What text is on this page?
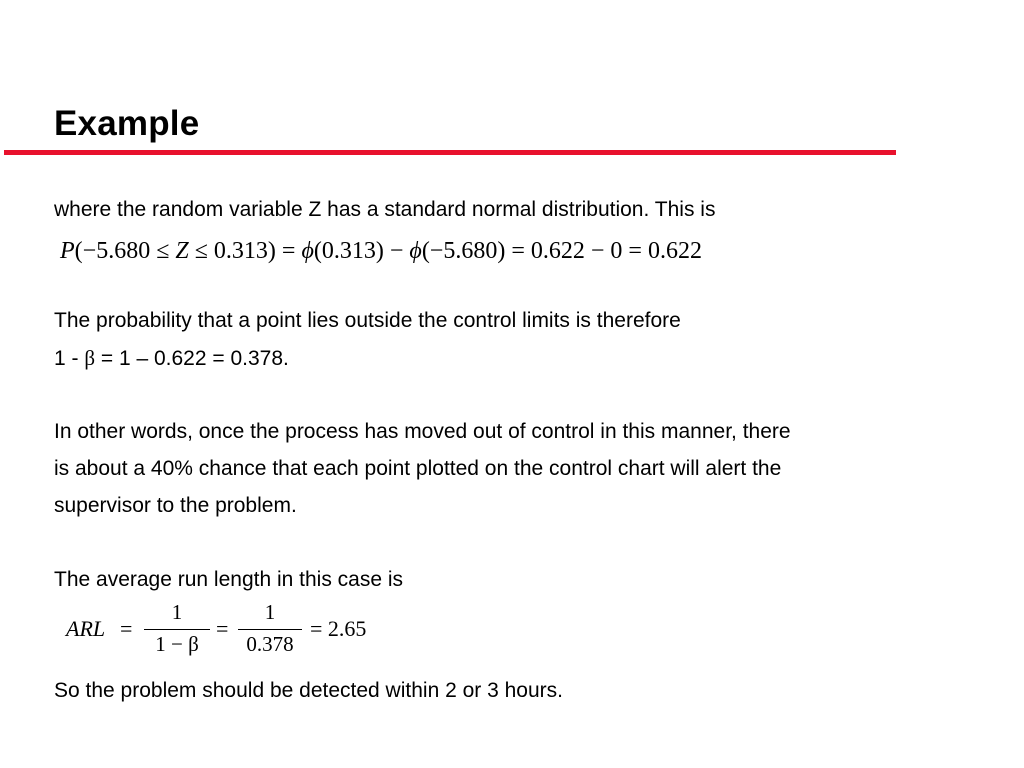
Example
where the random variable Z has a standard normal distribution. This is
P(−5.680 ≤ Z ≤ 0.313) = ϕ(0.313) − ϕ(−5.680) = 0.622 − 0 = 0.622
The probability that a point lies outside the control limits is therefore
1 - β = 1 – 0.622 = 0.378.
In other words, once the process has moved out of control in this manner, there
is about a 40% chance that each point plotted on the control chart will alert the
supervisor to the problem.
The average run length in this case is
ARL =
1
1 − β
=
1
0.378
= 2.65
So the problem should be detected within 2 or 3 hours.
